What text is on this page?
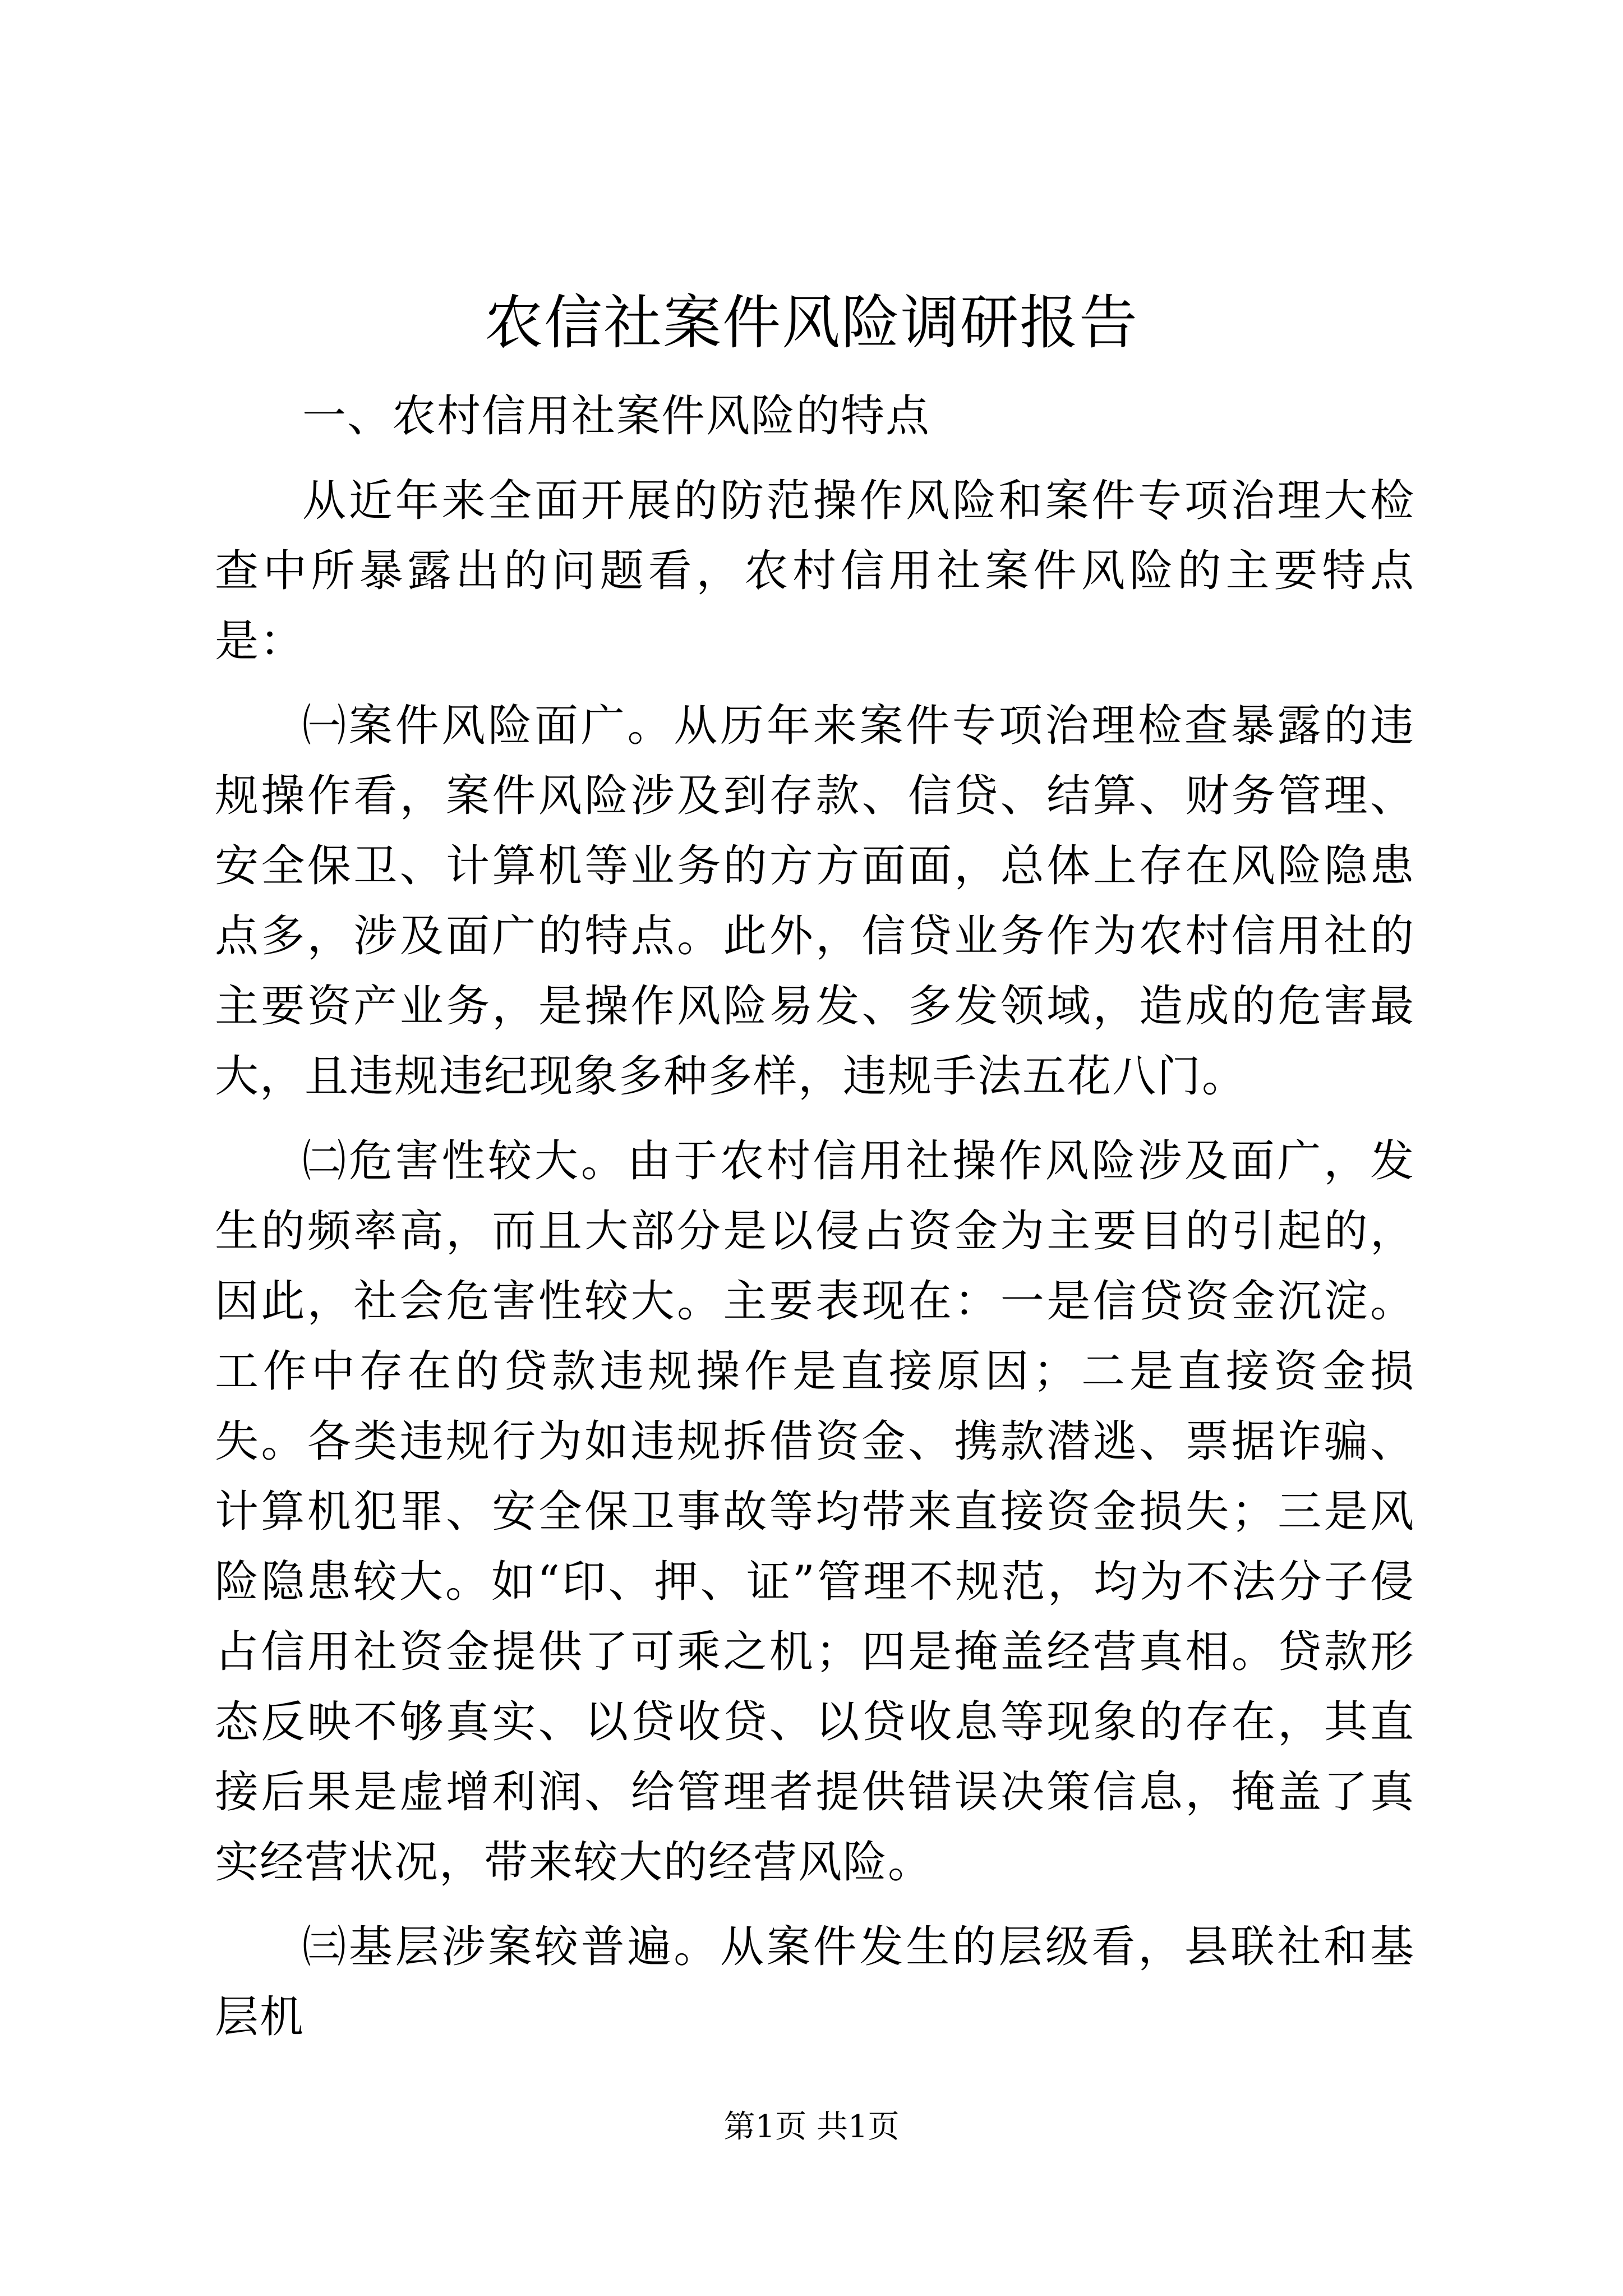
农信社案件风险调研报告

一、农村信用社案件风险的特点

从近年来全面开展的防范操作风险和案件专项治理大检查中所暴露出的问题看，农村信用社案件风险的主要特点是：

㈠案件风险面广。从历年来案件专项治理检查暴露的违规操作看，案件风险涉及到存款、信贷、结算、财务管理、安全保卫、计算机等业务的方方面面，总体上存在风险隐患点多，涉及面广的特点。此外，信贷业务作为农村信用社的主要资产业务，是操作风险易发、多发领域，造成的危害最大，且违规违纪现象多种多样，违规手法五花八门。

㈡危害性较大。由于农村信用社操作风险涉及面广，发生的频率高，而且大部分是以侵占资金为主要目的引起的，因此，社会危害性较大。主要表现在：一是信贷资金沉淀。工作中存在的贷款违规操作是直接原因；二是直接资金损失。各类违规行为如违规拆借资金、携款潜逃、票据诈骗、计算机犯罪、安全保卫事故等均带来直接资金损失；三是风险隐患较大。如“印、押、证”管理不规范，均为不法分子侵占信用社资金提供了可乘之机；四是掩盖经营真相。贷款形态反映不够真实、以贷收贷、以贷收息等现象的存在，其直接后果是虚增利润、给管理者提供错误决策信息，掩盖了真实经营状况，带来较大的经营风险。

㈢基层涉案较普遍。从案件发生的层级看，县联社和基层机

第1页 共1页
